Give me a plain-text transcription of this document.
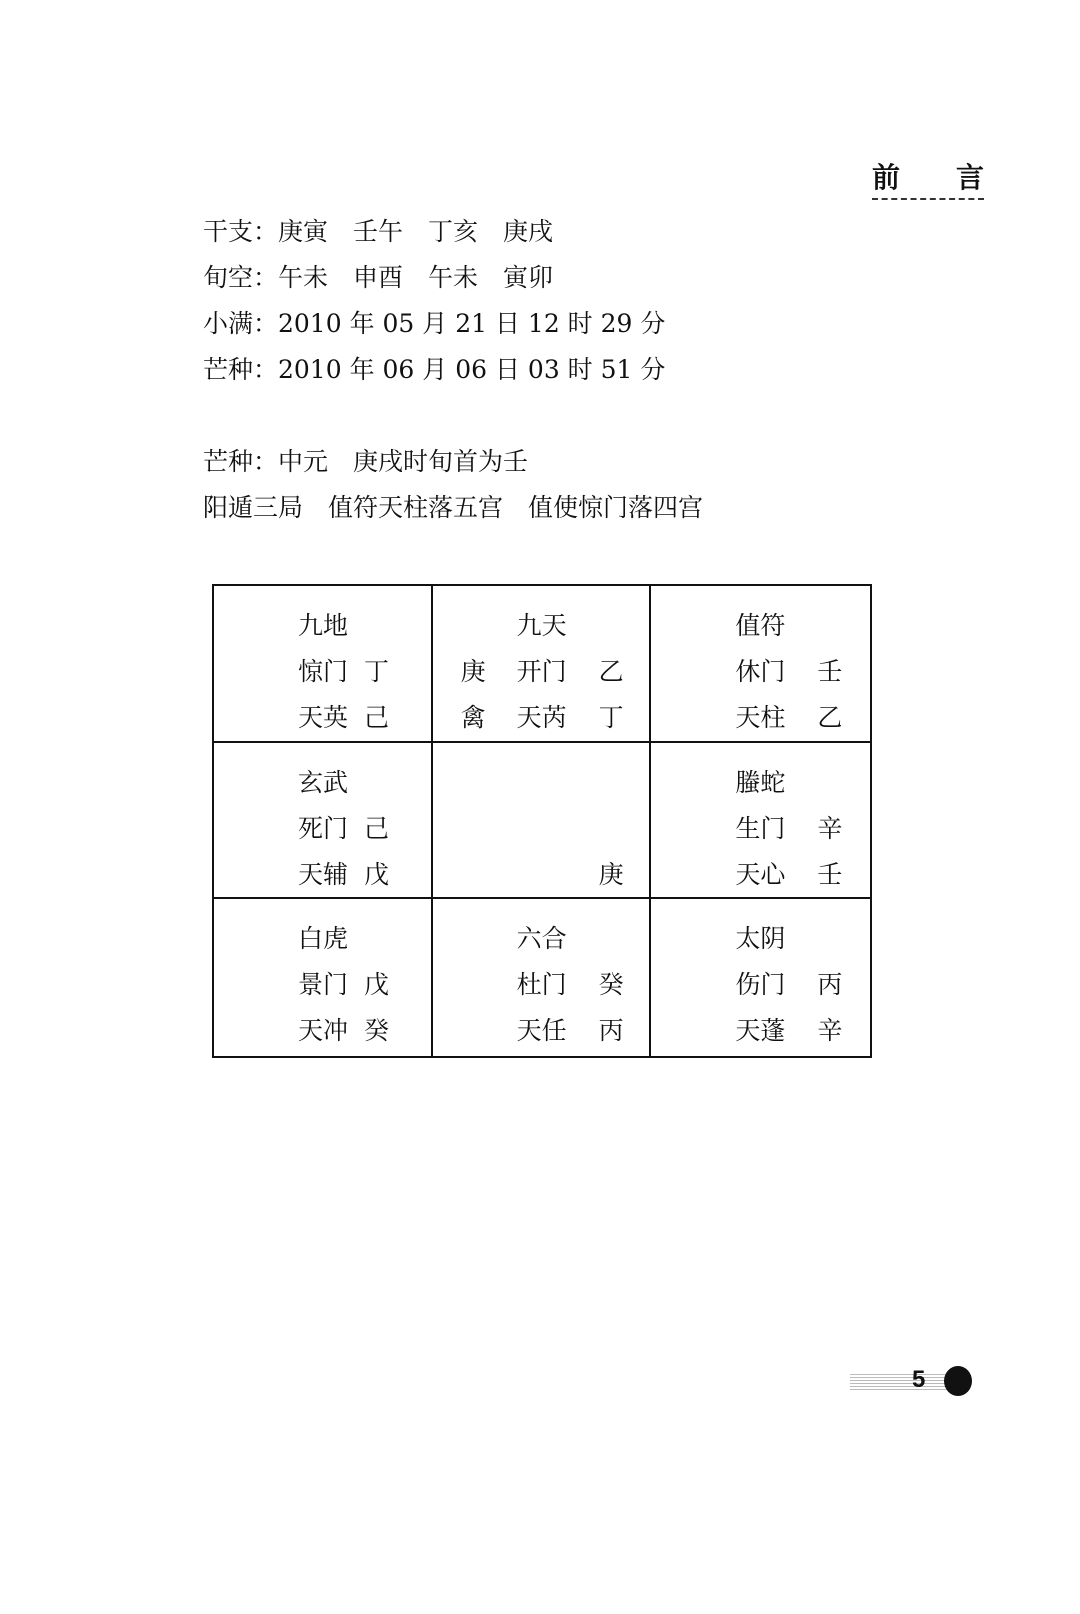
前 言
干支：庚寅　壬午　丁亥　庚戌
旬空：午未　申酉　午未　寅卯
小满：2010 年 05 月 21 日 12 时 29 分
芒种：2010 年 06 月 06 日 03 时 51 分
芒种：中元　庚戌时旬首为壬
阳遁三局　值符天柱落五宫　值使惊门落四宫
九地
惊门 丁
天英 己
九天
庚 开门 乙
禽 天芮 丁
值符
休门 壬
天柱 乙
玄武
死门 己
天辅 戊	庚
螣蛇
生门 辛
天心 壬
白虎
景门 戊
天冲 癸
六合
杜门 癸
天任 丙
太阴
伤门 丙
天蓬 辛
5
